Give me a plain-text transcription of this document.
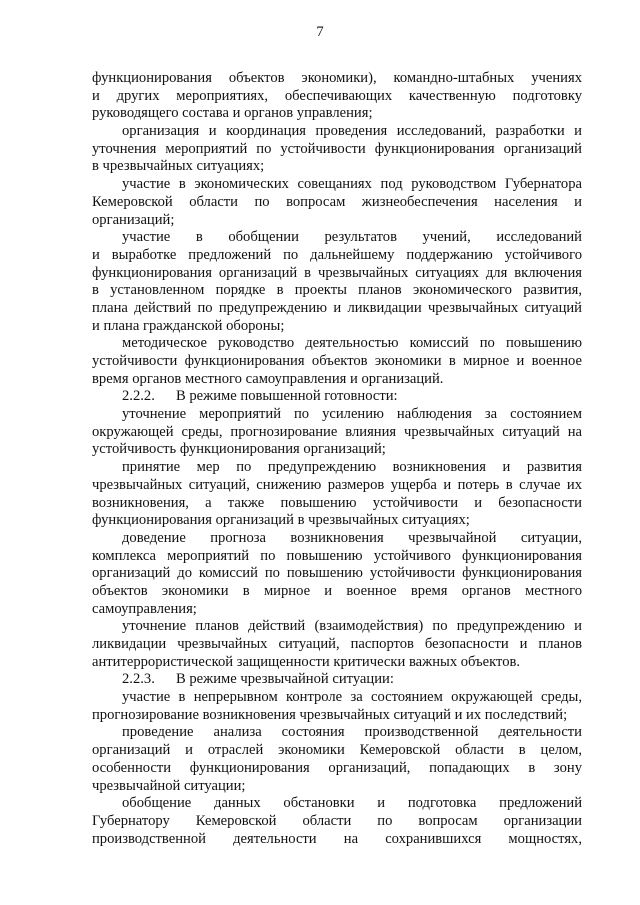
7
функционирования объектов экономики), командно-штабных учениях
и других мероприятиях, обеспечивающих качественную подготовку
руководящего состава и органов управления;
организация и координация проведения исследований, разработки и
уточнения мероприятий по устойчивости функционирования организаций
в чрезвычайных ситуациях;
участие в экономических совещаниях под руководством Губернатора
Кемеровской области по вопросам жизнеобеспечения населения и
организаций;
участие в обобщении результатов учений, исследований
и выработке предложений по дальнейшему поддержанию устойчивого
функционирования организаций в чрезвычайных ситуациях для включения
в установленном порядке в проекты планов экономического развития,
плана действий по предупреждению и ликвидации чрезвычайных ситуаций
и плана гражданской обороны;
методическое руководство деятельностью комиссий по повышению
устойчивости функционирования объектов экономики в мирное и военное
время органов местного самоуправления и организаций.
2.2.2. В режиме повышенной готовности:
уточнение мероприятий по усилению наблюдения за состоянием
окружающей среды, прогнозирование влияния чрезвычайных ситуаций на
устойчивость функционирования организаций;
принятие мер по предупреждению возникновения и развития
чрезвычайных ситуаций, снижению размеров ущерба и потерь в случае их
возникновения, а также повышению устойчивости и безопасности
функционирования организаций в чрезвычайных ситуациях;
доведение прогноза возникновения чрезвычайной ситуации,
комплекса мероприятий по повышению устойчивого функционирования
организаций до комиссий по повышению устойчивости функционирования
объектов экономики в мирное и военное время органов местного
самоуправления;
уточнение планов действий (взаимодействия) по предупреждению и
ликвидации чрезвычайных ситуаций, паспортов безопасности и планов
антитеррористической защищенности критически важных объектов.
2.2.3. В режиме чрезвычайной ситуации:
участие в непрерывном контроле за состоянием окружающей среды,
прогнозирование возникновения чрезвычайных ситуаций и их последствий;
проведение анализа состояния производственной деятельности
организаций и отраслей экономики Кемеровской области в целом,
особенности функционирования организаций, попадающих в зону
чрезвычайной ситуации;
обобщение данных обстановки и подготовка предложений
Губернатору Кемеровской области по вопросам организации
производственной деятельности на сохранившихся мощностях,
